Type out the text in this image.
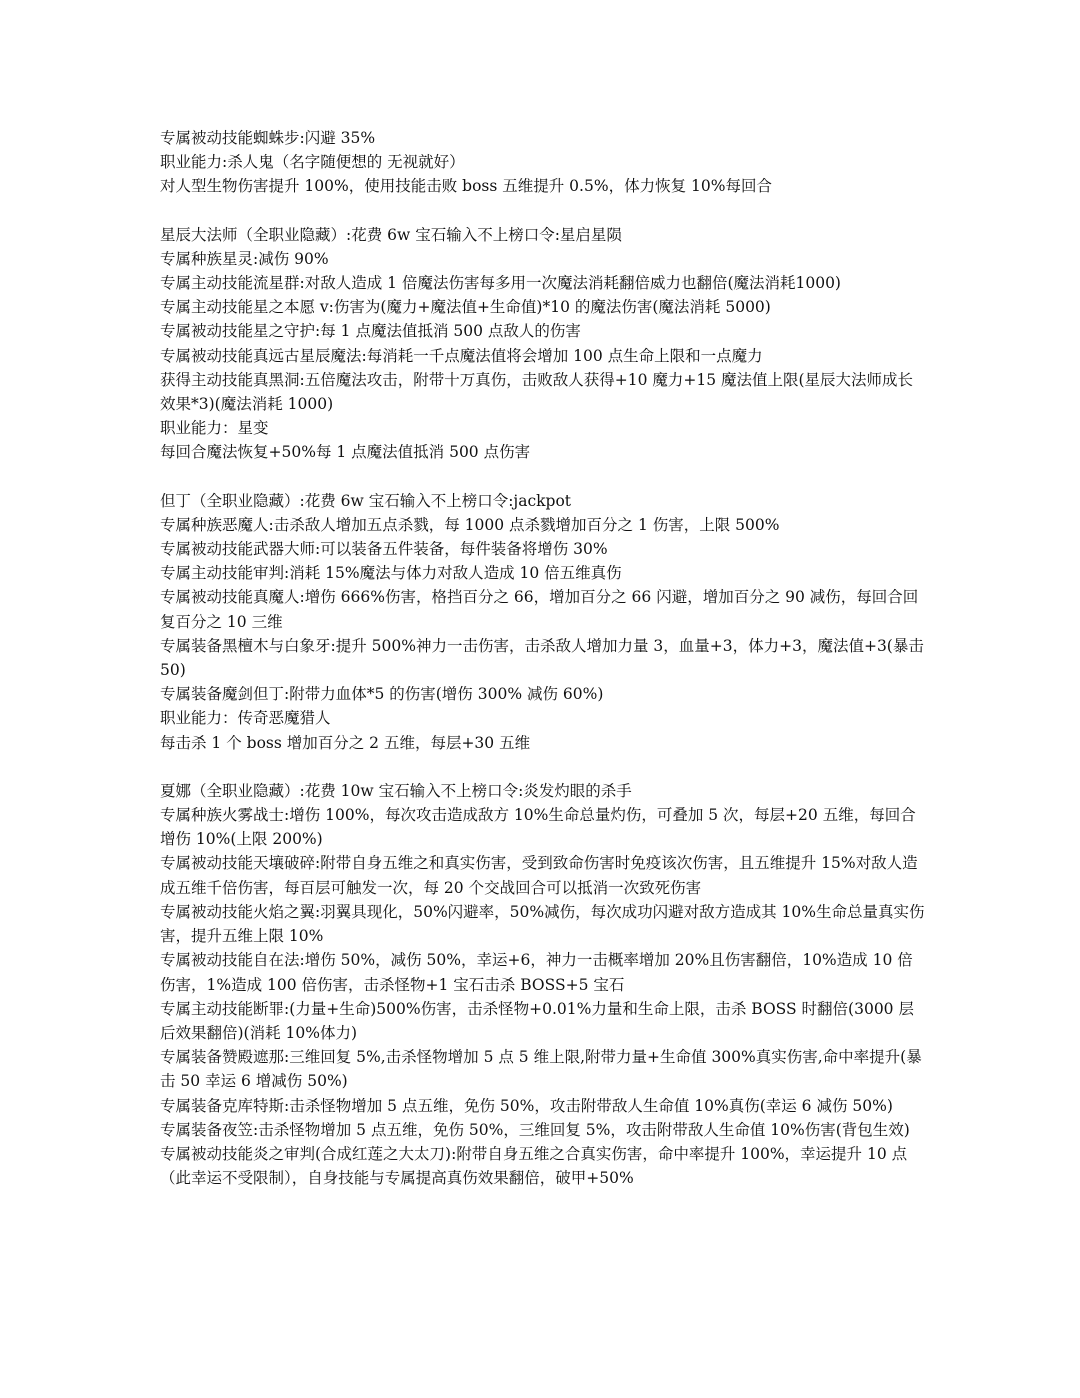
专属被动技能蜘蛛步:闪避 35%

职业能力:杀人鬼（名字随便想的 无视就好）

对人型生物伤害提升 100%，使用技能击败 boss 五维提升 0.5%，体力恢复 10%每回合

星辰大法师（全职业隐藏）:花费 6w 宝石输入不上榜口令:星启星陨

专属种族星灵:减伤 90%

专属主动技能流星群:对敌人造成 1 倍魔法伤害每多用一次魔法消耗翻倍威力也翻倍(魔法消耗1000)

专属主动技能星之本愿 v:伤害为(魔力+魔法值+生命值)*10 的魔法伤害(魔法消耗 5000)

专属被动技能星之守护:每 1 点魔法值抵消 500 点敌人的伤害

专属被动技能真远古星辰魔法:每消耗一千点魔法值将会增加 100 点生命上限和一点魔力

获得主动技能真黑洞:五倍魔法攻击，附带十万真伤，击败敌人获得+10 魔力+15 魔法值上限(星辰大法师成长效果*3)(魔法消耗 1000)

职业能力：星变

每回合魔法恢复+50%每 1 点魔法值抵消 500 点伤害

但丁（全职业隐藏）:花费 6w 宝石输入不上榜口令:jackpot

专属种族恶魔人:击杀敌人增加五点杀戮，每 1000 点杀戮增加百分之 1 伤害，上限 500%

专属被动技能武器大师:可以装备五件装备，每件装备将增伤 30%

专属主动技能审判:消耗 15%魔法与体力对敌人造成 10 倍五维真伤

专属被动技能真魔人:增伤 666%伤害，格挡百分之 66，增加百分之 66 闪避，增加百分之 90 减伤，每回合回复百分之 10 三维

专属装备黑檀木与白象牙:提升 500%神力一击伤害，击杀敌人增加力量 3，血量+3，体力+3，魔法值+3(暴击 50)

专属装备魔剑但丁:附带力血体*5 的伤害(增伤 300% 减伤 60%)

职业能力：传奇恶魔猎人

每击杀 1 个 boss 增加百分之 2 五维，每层+30 五维

夏娜（全职业隐藏）:花费 10w 宝石输入不上榜口令:炎发灼眼的杀手

专属种族火雾战士:增伤 100%，每次攻击造成敌方 10%生命总量灼伤，可叠加 5 次，每层+20 五维，每回合增伤 10%(上限 200%)

专属被动技能天壤破碎:附带自身五维之和真实伤害，受到致命伤害时免疫该次伤害，且五维提升 15%对敌人造成五维千倍伤害，每百层可触发一次，每 20 个交战回合可以抵消一次致死伤害

专属被动技能火焰之翼:羽翼具现化，50%闪避率，50%减伤，每次成功闪避对敌方造成其 10%生命总量真实伤害，提升五维上限 10%

专属被动技能自在法:增伤 50%，减伤 50%，幸运+6，神力一击概率增加 20%且伤害翻倍，10%造成 10 倍伤害，1%造成 100 倍伤害，击杀怪物+1 宝石击杀 BOSS+5 宝石

专属主动技能断罪:(力量+生命)500%伤害，击杀怪物+0.01%力量和生命上限，击杀 BOSS 时翻倍(3000 层后效果翻倍)(消耗 10%体力)

专属装备赞殿遮那:三维回复 5%,击杀怪物增加 5 点 5 维上限,附带力量+生命值 300%真实伤害,命中率提升(暴击 50 幸运 6 增减伤 50%)

专属装备克库特斯:击杀怪物增加 5 点五维，免伤 50%，攻击附带敌人生命值 10%真伤(幸运 6 减伤 50%)

专属装备夜笠:击杀怪物增加 5 点五维，免伤 50%，三维回复 5%，攻击附带敌人生命值 10%伤害(背包生效)

专属被动技能炎之审判(合成红莲之大太刀):附带自身五维之合真实伤害，命中率提升 100%，幸运提升 10 点（此幸运不受限制），自身技能与专属提高真伤效果翻倍，破甲+50%
